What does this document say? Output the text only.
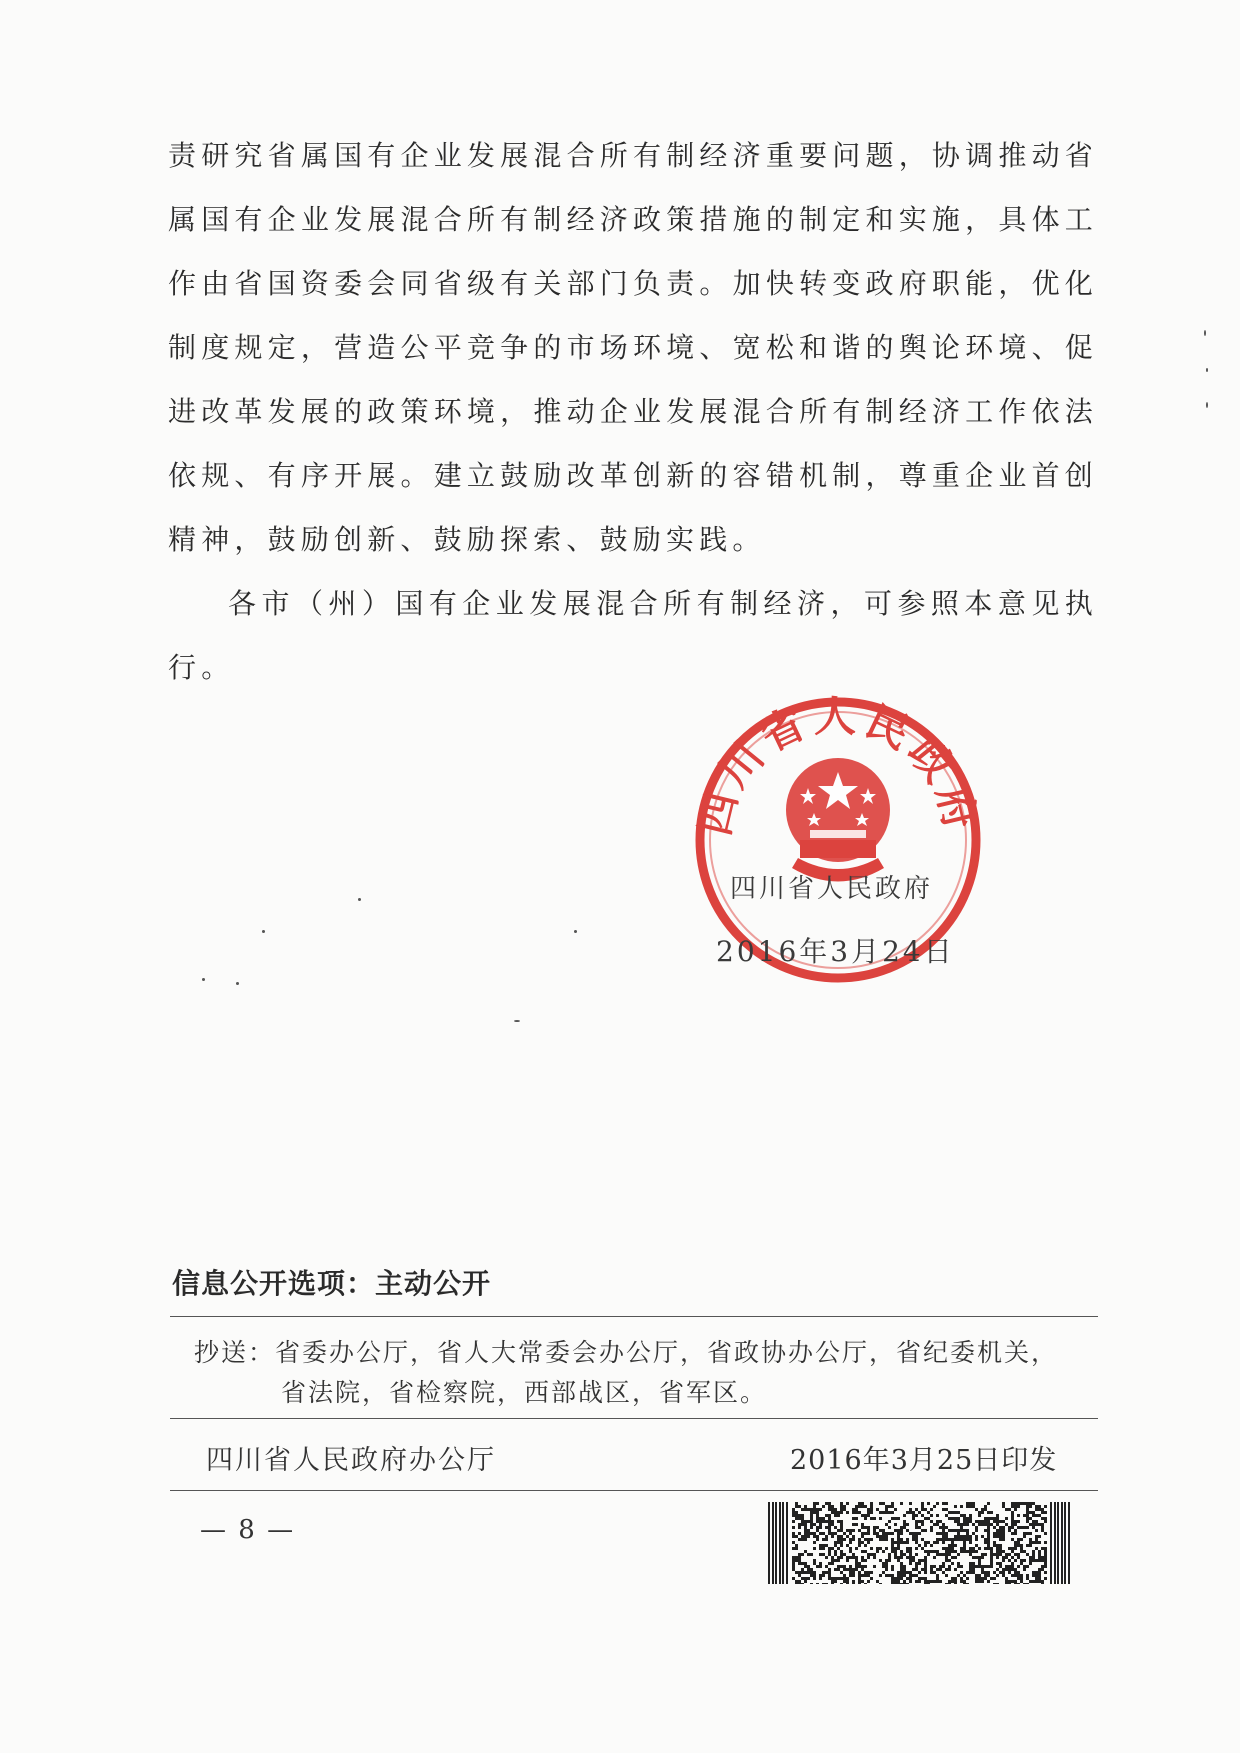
责研究省属国有企业发展混合所有制经济重要问题，协调推动省属国有企业发展混合所有制经济政策措施的制定和实施，具体工作由省国资委会同省级有关部门负责。加快转变政府职能，优化制度规定，营造公平竞争的市场环境、宽松和谐的舆论环境、促进改革发展的政策环境，推动企业发展混合所有制经济工作依法依规、有序开展。建立鼓励改革创新的容错机制，尊重企业首创精神，鼓励创新、鼓励探索、鼓励实践。

各市（州）国有企业发展混合所有制经济，可参照本意见执行。

四川省人民政府
四川省人民政府
2016年3月24日
信息公开选项：主动公开
抄送：省委办公厅，省人大常委会办公厅，省政协办公厅，省纪委机关，
省法院，省检察院，西部战区，省军区。
四川省人民政府办公厅	2016年3月25日印发
— 8 —
